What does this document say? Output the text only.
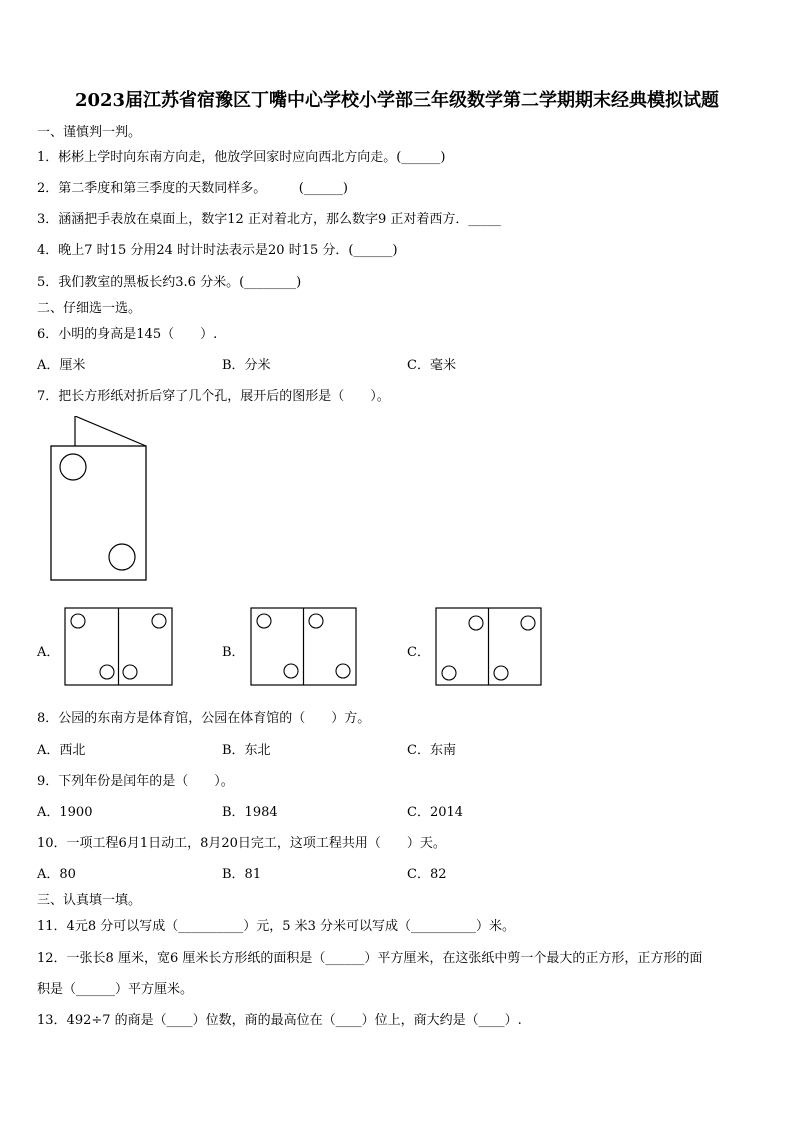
2023届江苏省宿豫区丁嘴中心学校小学部三年级数学第二学期期末经典模拟试题
一、谨慎判一判。
1．彬彬上学时向东南方向走，他放学回家时应向西北方向走。(______)
2．第二季度和第三季度的天数同样多。　　　(______)
3．涵涵把手表放在桌面上，数字12 正对着北方，那么数字9 正对着西方．_____
4．晚上7 时15 分用24 时计时法表示是20 时15 分．(______)
5．我们教室的黑板长约3.6 分米。(________)
二、仔细选一选。
6．小明的身高是145（　　）.
A．厘米	B．分米	C．毫米
7．把长方形纸对折后穿了几个孔，展开后的图形是（　　）。
A．	B．	C．
8．公园的东南方是体育馆，公园在体育馆的（　　）方。
A．西北	B．东北	C．东南
9．下列年份是闰年的是（　　）。
A．1900	B．1984	C．2014
10．一项工程6月1日动工，8月20日完工，这项工程共用（　　）天。
A．80	B．81	C．82
三、认真填一填。
11．4元8 分可以写成（__________）元，5 米3 分米可以写成（__________）米。
12．一张长8 厘米，宽6 厘米长方形纸的面积是（______）平方厘米，在这张纸中剪一个最大的正方形，正方形的面
积是（______）平方厘米。
13．492÷7 的商是（____）位数，商的最高位在（____）位上，商大约是（____）.
